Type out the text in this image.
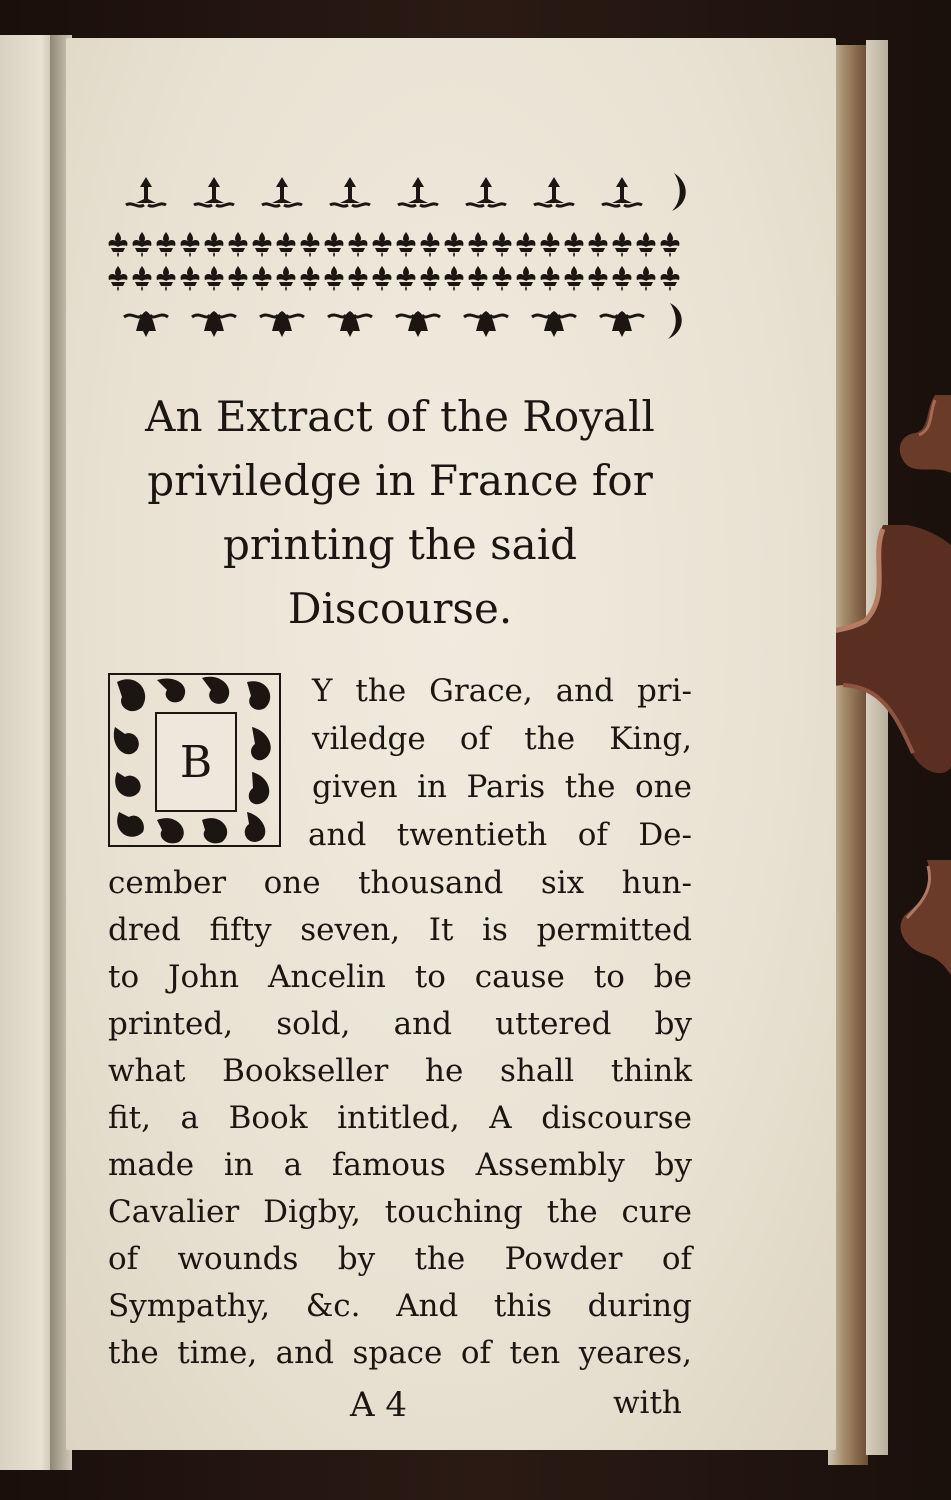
An Extract of the Royall
priviledge in France for
printing the said
Discourse.
B
Y the Grace, and pri-
viledge of the King,
given in Paris the one
and twentieth of De-
cember one thousand six hun-
dred fifty seven, It is permitted
to John Ancelin to cause to be
printed, sold, and uttered by
what Bookseller he shall think
fit, a Book intitled, A discourse
made in a famous Assembly by
Cavalier Digby, touching the cure
of wounds by the Powder of
Sympathy, &c. And this during
the time, and space of ten yeares,
A 4	with
